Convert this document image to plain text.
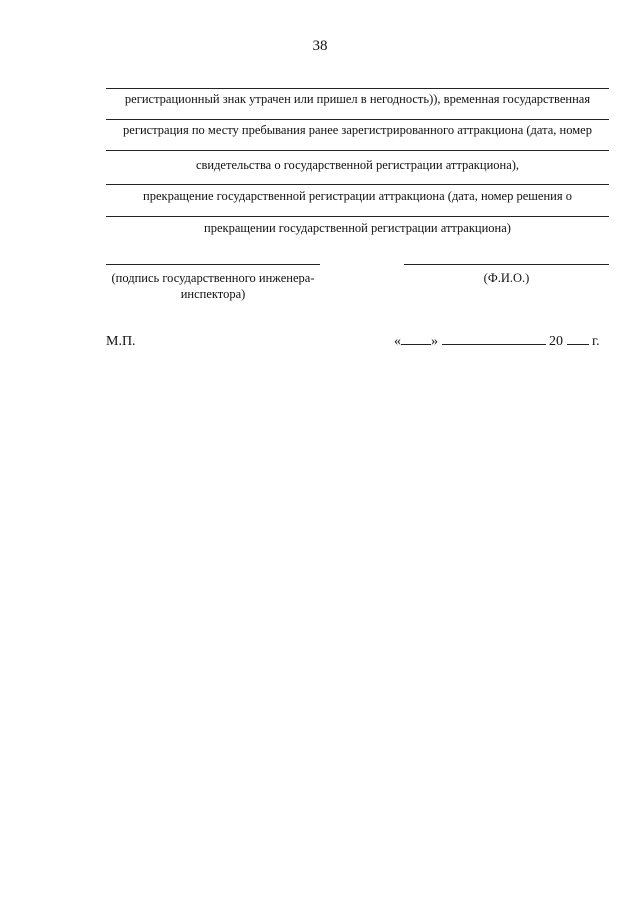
38
регистрационный знак утрачен или пришел в негодность)), временная государственная
регистрация по месту пребывания ранее зарегистрированного аттракциона (дата, номер
свидетельства о государственной регистрации аттракциона),
прекращение государственной регистрации аттракциона (дата, номер решения о
прекращении государственной регистрации аттракциона)
(подпись государственного инженера-инспектора)
(Ф.И.О.)
М.П.	« »	20 г.
